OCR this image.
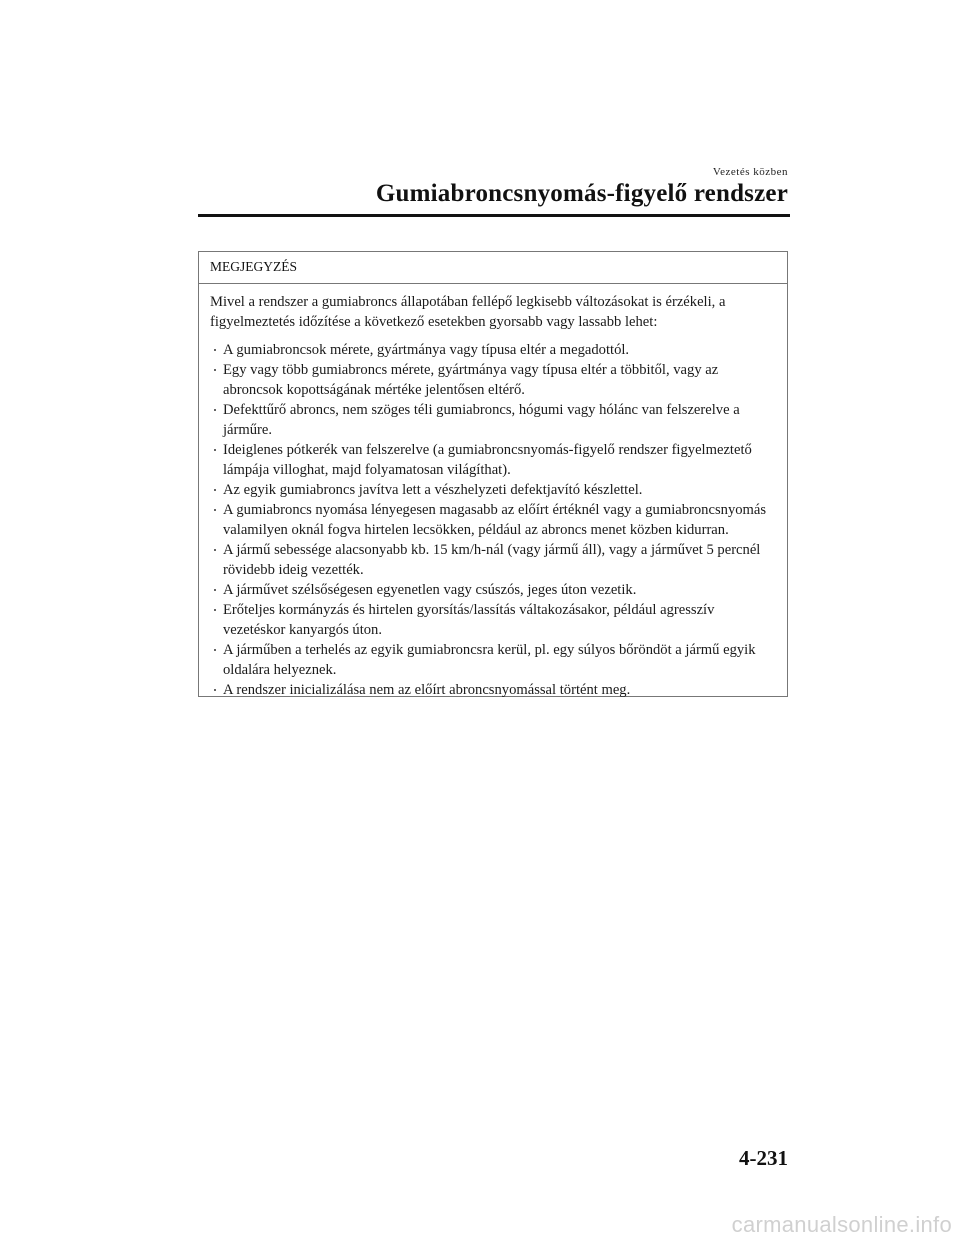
Vezetés közben
Gumiabroncsnyomás-figyelő rendszer
MEGJEGYZÉS

Mivel a rendszer a gumiabroncs állapotában fellépő legkisebb változásokat is érzékeli, a figyelmeztetés időzítése a következő esetekben gyorsabb vagy lassabb lehet:

A gumiabroncsok mérete, gyártmánya vagy típusa eltér a megadottól.
Egy vagy több gumiabroncs mérete, gyártmánya vagy típusa eltér a többitől, vagy az abroncsok kopottságának mértéke jelentősen eltérő.
Defekttűrő abroncs, nem szöges téli gumiabroncs, hógumi vagy hólánc van felszerelve a járműre.
Ideiglenes pótkerék van felszerelve (a gumiabroncsnyomás-figyelő rendszer figyelmeztető lámpája villoghat, majd folyamatosan világíthat).
Az egyik gumiabroncs javítva lett a vészhelyzeti defektjavító készlettel.
A gumiabroncs nyomása lényegesen magasabb az előírt értéknél vagy a gumiabroncsnyomás valamilyen oknál fogva hirtelen lecsökken, például az abroncs menet közben kidurran.
A jármű sebessége alacsonyabb kb. 15 km/h-nál (vagy jármű áll), vagy a járművet 5 percnél rövidebb ideig vezették.
A járművet szélsőségesen egyenetlen vagy csúszós, jeges úton vezetik.
Erőteljes kormányzás és hirtelen gyorsítás/lassítás váltakozásakor, például agresszív vezetéskor kanyargós úton.
A járműben a terhelés az egyik gumiabroncsra kerül, pl. egy súlyos bőröndöt a jármű egyik oldalára helyeznek.
A rendszer inicializálása nem az előírt abroncsnyomással történt meg.
4-231
carmanualsonline.info
